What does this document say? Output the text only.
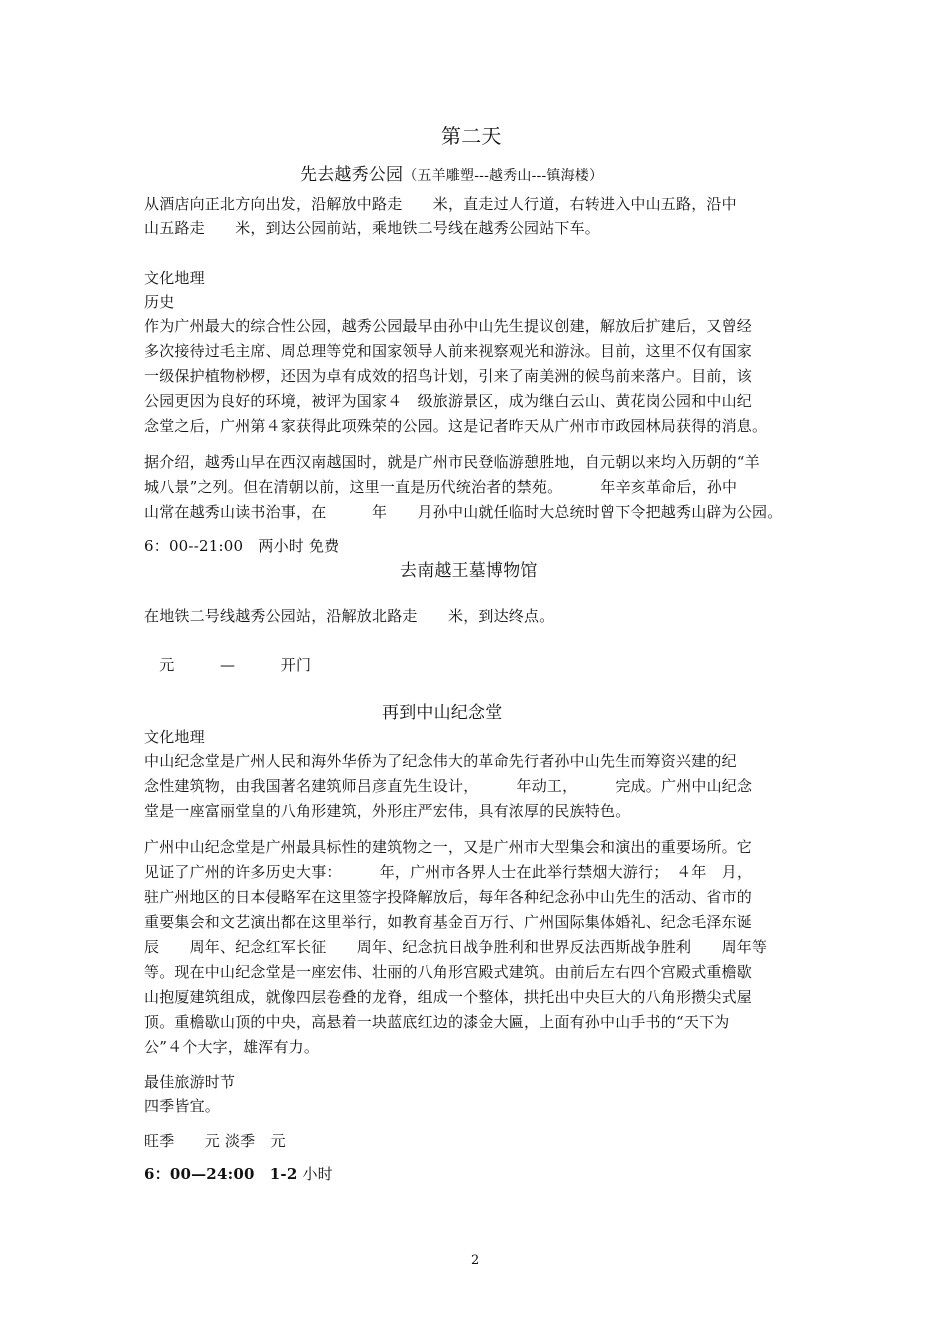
第二天
先去越秀公园（五羊雕塑---越秀山---镇海楼）
从酒店向正北方向出发，沿解放中路走　　米，直走过人行道，右转进入中山五路，沿中
山五路走　　米，到达公园前站，乘地铁二号线在越秀公园站下车。
文化地理
历史
作为广州最大的综合性公园，越秀公园最早由孙中山先生提议创建，解放后扩建后，又曾经
多次接待过毛主席、周总理等党和国家领导人前来视察观光和游泳。目前，这里不仅有国家
一级保护植物桫椤，还因为卓有成效的招鸟计划，引来了南美洲的候鸟前来落户。目前，该
公园更因为良好的环境，被评为国家４　级旅游景区，成为继白云山、黄花岗公园和中山纪
念堂之后，广州第４家获得此项殊荣的公园。这是记者昨天从广州市市政园林局获得的消息。
据介绍，越秀山早在西汉南越国时，就是广州市民登临游憩胜地，自元朝以来均入历朝的“羊
城八景”之列。但在清朝以前，这里一直是历代统治者的禁苑。　　　年辛亥革命后，孙中
山常在越秀山读书治事，在　　　年　　月孙中山就任临时大总统时曾下令把越秀山辟为公园。
6：00--21:00　两小时 免费
去南越王墓博物馆
在地铁二号线越秀公园站，沿解放北路走　　米，到达终点。
　元　　　—　　　开门
再到中山纪念堂
文化地理
中山纪念堂是广州人民和海外华侨为了纪念伟大的革命先行者孙中山先生而筹资兴建的纪
念性建筑物，由我国著名建筑师吕彦直先生设计，　　　年动工，　　　完成。广州中山纪念
堂是一座富丽堂皇的八角形建筑，外形庄严宏伟，具有浓厚的民族特色。
广州中山纪念堂是广州最具标性的建筑物之一，又是广州市大型集会和演出的重要场所。它
见证了广州的许多历史大事：　　　年，广州市各界人士在此举行禁烟大游行；　４年　月，
驻广州地区的日本侵略军在这里签字投降解放后，每年各种纪念孙中山先生的活动、省市的
重要集会和文艺演出都在这里举行，如教育基金百万行、广州国际集体婚礼、纪念毛泽东诞
辰　　周年、纪念红军长征　　周年、纪念抗日战争胜利和世界反法西斯战争胜利　　周年等
等。现在中山纪念堂是一座宏伟、壮丽的八角形宫殿式建筑。由前后左右四个宫殿式重檐歇
山抱厦建筑组成，就像四层卷叠的龙脊，组成一个整体，拱托出中央巨大的八角形攒尖式屋
顶。重檐歇山顶的中央，高悬着一块蓝底红边的漆金大匾，上面有孙中山手书的“天下为
公”４个大字，雄浑有力。
最佳旅游时节
四季皆宜。
旺季　　元 淡季　元
6：00—24:00　1-2 小时
2
